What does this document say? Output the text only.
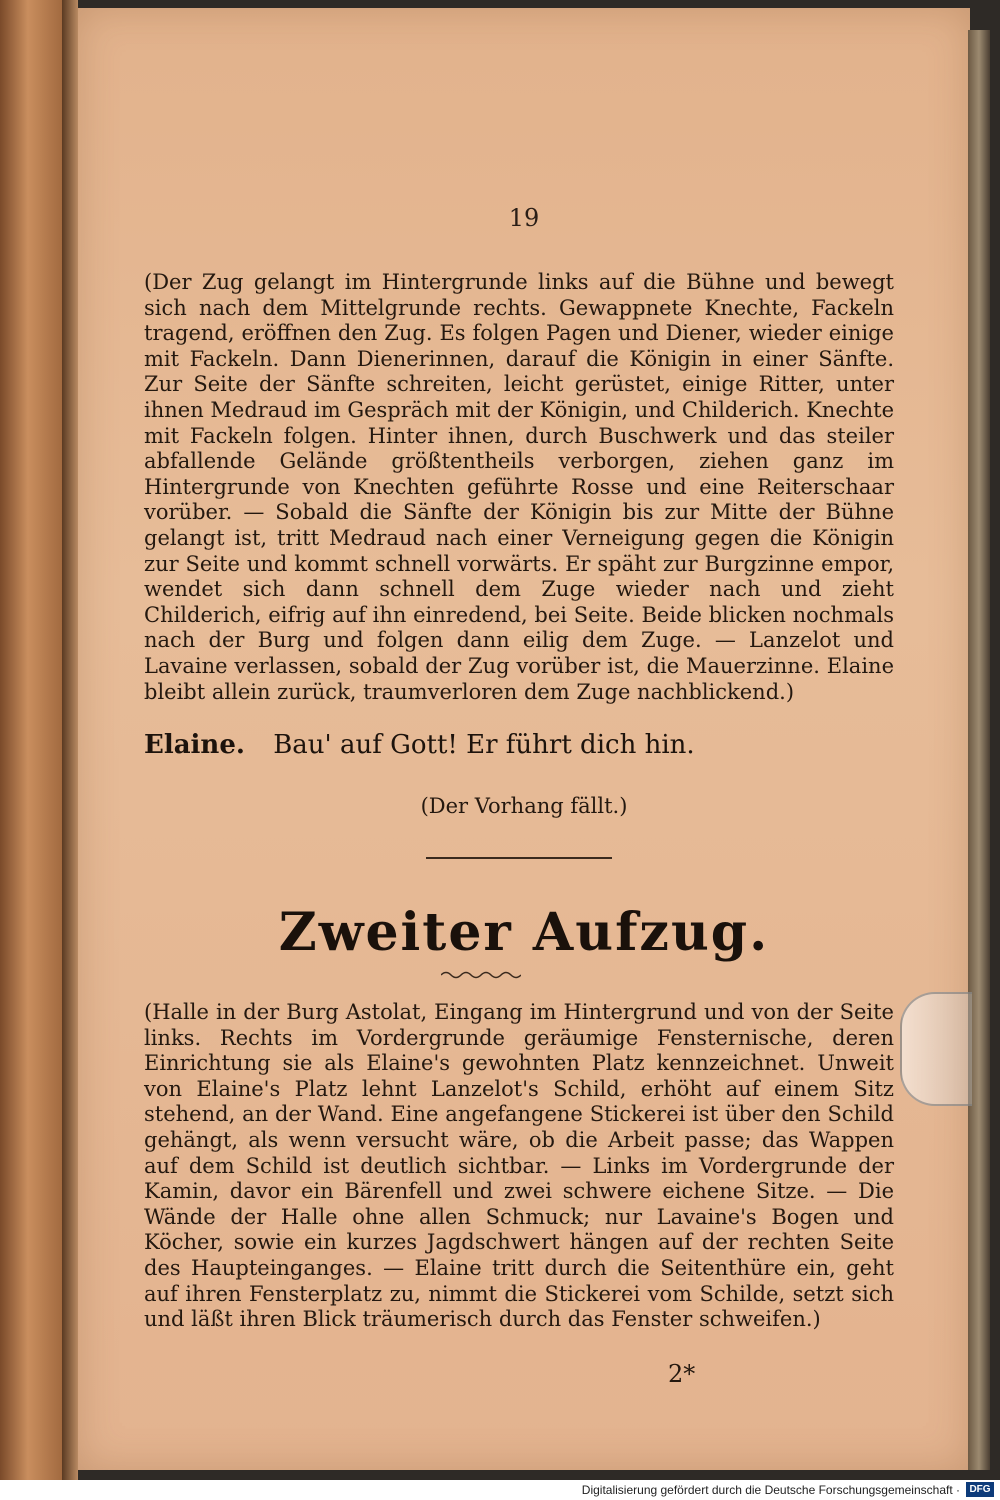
19

(Der Zug gelangt im Hintergrunde links auf die Bühne und bewegt sich nach dem Mittelgrunde rechts. Gewappnete Knechte, Fackeln tragend, eröffnen den Zug. Es folgen Pagen und Diener, wieder einige mit Fackeln. Dann Dienerinnen, darauf die Königin in einer Sänfte. Zur Seite der Sänfte schreiten, leicht gerüstet, einige Ritter, unter ihnen Medraud im Gespräch mit der Königin, und Childerich. Knechte mit Fackeln folgen. Hinter ihnen, durch Buschwerk und das steiler abfallende Gelände größtentheils verborgen, ziehen ganz im Hintergrunde von Knechten geführte Rosse und eine Reiterschaar vorüber. — Sobald die Sänfte der Königin bis zur Mitte der Bühne gelangt ist, tritt Medraud nach einer Verneigung gegen die Königin zur Seite und kommt schnell vorwärts. Er späht zur Burgzinne empor, wendet sich dann schnell dem Zuge wieder nach und zieht Childerich, eifrig auf ihn einredend, bei Seite. Beide blicken nochmals nach der Burg und folgen dann eilig dem Zuge. — Lanzelot und Lavaine verlassen, sobald der Zug vorüber ist, die Mauerzinne. Elaine bleibt allein zurück, traumverloren dem Zuge nachblickend.)

Elaine. Bau' auf Gott! Er führt dich hin.
(Der Vorhang fällt.)
Zweiter Aufzug.

(Halle in der Burg Astolat, Eingang im Hintergrund und von der Seite links. Rechts im Vordergrunde geräumige Fensternische, deren Einrichtung sie als Elaine's gewohnten Platz kennzeichnet. Unweit von Elaine's Platz lehnt Lanzelot's Schild, erhöht auf einem Sitz stehend, an der Wand. Eine angefangene Stickerei ist über den Schild gehängt, als wenn versucht wäre, ob die Arbeit passe; das Wappen auf dem Schild ist deutlich sichtbar. — Links im Vordergrunde der Kamin, davor ein Bärenfell und zwei schwere eichene Sitze. — Die Wände der Halle ohne allen Schmuck; nur Lavaine's Bogen und Köcher, sowie ein kurzes Jagdschwert hängen auf der rechten Seite des Haupteinganges. — Elaine tritt durch die Seitenthüre ein, geht auf ihren Fensterplatz zu, nimmt die Stickerei vom Schilde, setzt sich und läßt ihren Blick träumerisch durch das Fenster schweifen.)

2*
Digitalisierung gefördert durch die Deutsche Forschungsgemeinschaft · DFG
